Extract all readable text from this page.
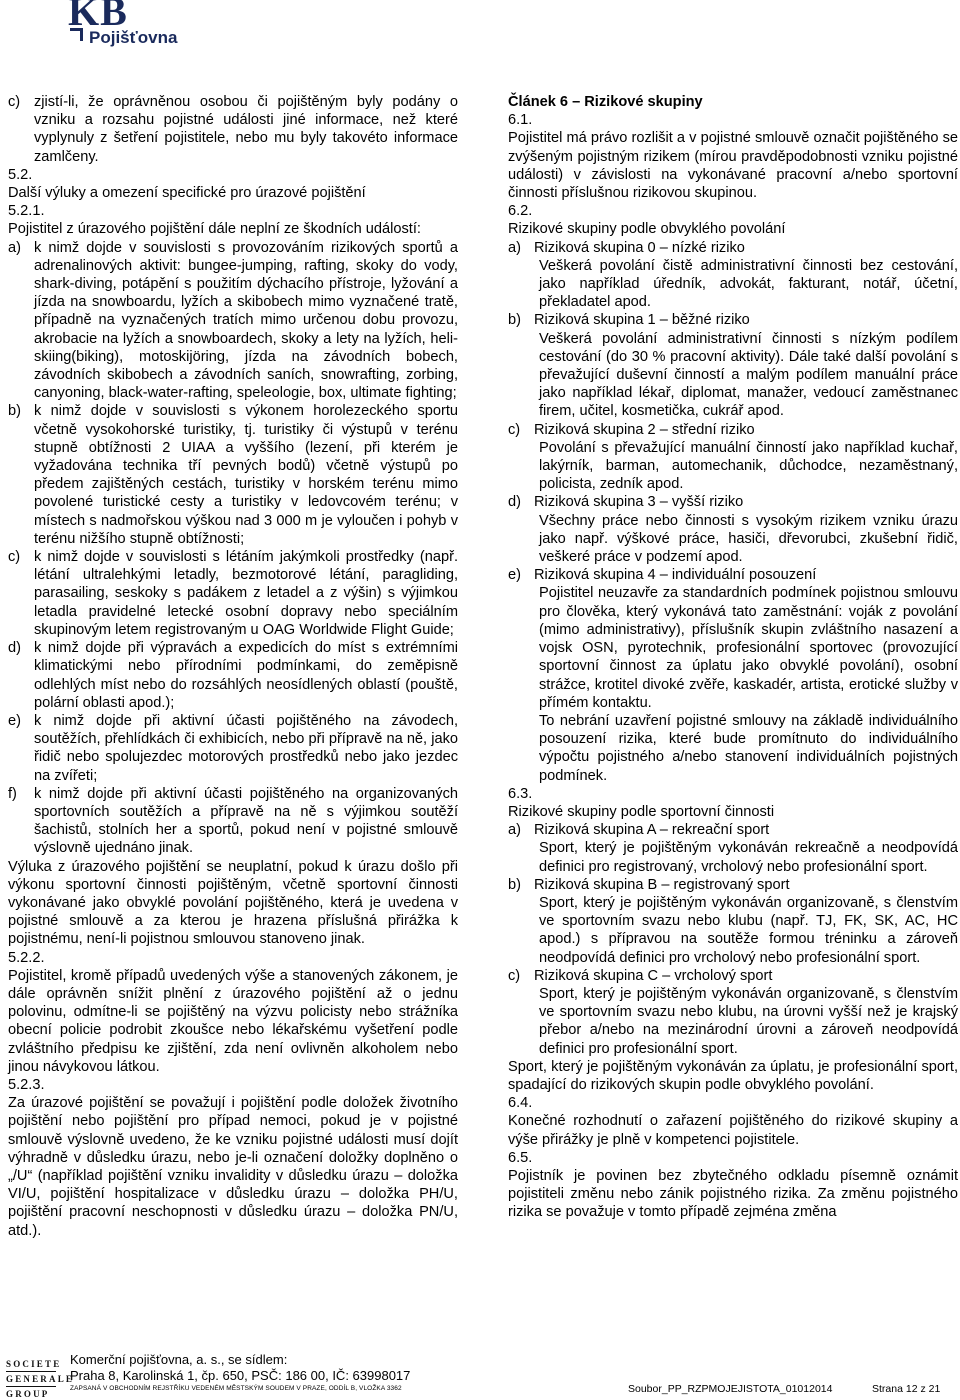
KB
Pojišťovna
c) zjistí-li, že oprávněnou osobou či pojištěným byly podány o vzniku a rozsahu pojistné události jiné informace, než které vyplynuly z šetření pojistitele, nebo mu byly takovéto informace zamlčeny.

5.2.

Další výluky a omezení specifické pro úrazové pojištění

5.2.1.

Pojistitel z úrazového pojištění dále neplní ze škodních událostí:

a) k nimž dojde v souvislosti s provozováním rizikových sportů a adrenalinových aktivit: bungee-jumping, rafting, skoky do vody, shark-diving, potápění s použitím dýchacího přístroje, lyžování a jízda na snowboardu, lyžích a skibobech mimo vyznačené tratě, případně na vyznačených tratích mimo určenou dobu provozu, akrobacie na lyžích a snowboardech, skoky a lety na lyžích, heli-skiing(biking), motoskijöring, jízda na závodních bobech, závodních skibobech a závodních saních, snowrafting, zorbing, canyoning, black-water-rafting, speleologie, box, ultimate fighting;
b) k nimž dojde v souvislosti s výkonem horolezeckého sportu včetně vysokohorské turistiky, tj. turistiky či výstupů v terénu stupně obtížnosti 2 UIAA a vyššího (lezení, při kterém je vyžadována technika tří pevných bodů) včetně výstupů po předem zajištěných cestách, turistiky v horském terénu mimo povolené turistické cesty a turistiky v ledovcovém terénu; v místech s nadmořskou výškou nad 3 000 m je vyloučen i pohyb v terénu nižšího stupně obtížnosti;
c) k nimž dojde v souvislosti s létáním jakýmkoli prostředky (např. létání ultralehkými letadly, bezmotorové létání, paragliding, parasailing, seskoky s padákem z letadel a z výšin) s výjimkou letadla pravidelné letecké osobní dopravy nebo speciálním skupinovým letem registrovaným u OAG Worldwide Flight Guide;
d) k nimž dojde při výpravách a expedicích do míst s extrémními klimatickými nebo přírodními podmínkami, do zeměpisně odlehlých míst nebo do rozsáhlých neosídlených oblastí (pouště, polární oblasti apod.);
e) k nimž dojde při aktivní účasti pojištěného na závodech, soutěžích, přehlídkách či exhibicích, nebo při přípravě na ně, jako řidič nebo spolujezdec motorových prostředků nebo jako jezdec na zvířeti;
f)	k nimž dojde při aktivní účasti pojištěného na organizovaných sportovních soutěžích a přípravě na ně s výjimkou soutěží šachistů, stolních her a sportů, pokud není v pojistné smlouvě výslovně ujednáno jinak.

Výluka z úrazového pojištění se neuplatní, pokud k úrazu došlo při výkonu sportovní činnosti pojištěným, včetně sportovní činnosti vykonávané jako obvyklé povolání pojištěného, která je uvedena v pojistné smlouvě a za kterou je hrazena příslušná přirážka k pojistnému, není-li pojistnou smlouvou stanoveno jinak.

5.2.2.

Pojistitel, kromě případů uvedených výše a stanovených zákonem, je dále oprávněn snížit plnění z úrazového pojištění až o jednu polovinu, odmítne-li se pojištěný na výzvu policisty nebo strážníka obecní policie podrobit zkoušce nebo lékařskému vyšetření podle zvláštního předpisu ke zjištění, zda není ovlivněn alkoholem nebo jinou návykovou látkou.

5.2.3.

Za úrazové pojištění se považují i pojištění podle doložek životního pojištění nebo pojištění pro případ nemoci, pokud je v pojistné smlouvě výslovně uvedeno, že ke vzniku pojistné události musí dojít výhradně v důsledku úrazu, nebo je-li označení doložky doplněno o „/U“ (například pojištění vzniku invalidity v důsledku úrazu – doložka VI/U, pojištění hospitalizace v důsledku úrazu – doložka PH/U, pojištění pracovní neschopnosti v důsledku úrazu – doložka PN/U, atd.).

Článek 6 – Rizikové skupiny

6.1.

Pojistitel má právo rozlišit a v pojistné smlouvě označit pojištěného se zvýšeným pojistným rizikem (mírou pravděpodobnosti vzniku pojistné události) v závislosti na vykonávané pracovní a/nebo sportovní činnosti příslušnou rizikovou skupinou.

6.2.

Rizikové skupiny podle obvyklého povolání

a) Riziková skupina 0 – nízké riziko

Veškerá povolání čistě administrativní činnosti bez cestování, jako například úředník, advokát, fakturant, notář, účetní, překladatel apod.

b) Riziková skupina 1 – běžné riziko

Veškerá povolání administrativní činnosti s nízkým podílem cestování (do 30 % pracovní aktivity). Dále také další povolání s převažující duševní činností a malým podílem manuální práce jako například lékař, diplomat, manažer, vedoucí zaměstnanec firem, učitel, kosmetička, cukrář apod.

c) Riziková skupina 2 – střední riziko

Povolání s převažující manuální činností jako například kuchař, lakýrník, barman, automechanik, důchodce, nezaměstnaný, policista, zedník apod.

d) Riziková skupina 3 – vyšší riziko

Všechny práce nebo činnosti s vysokým rizikem vzniku úrazu jako např. výškové práce, hasiči, dřevorubci, zkušební řidič, veškeré práce v podzemí apod.

e) Riziková skupina 4 – individuální posouzení

Pojistitel neuzavře za standardních podmínek pojistnou smlouvu pro člověka, který vykonává tato zaměstnání: voják z povolání (mimo administrativy), příslušník skupin zvláštního nasazení a vojsk OSN, pyrotechnik, profesionální sportovec (provozující sportovní činnost za úplatu jako obvyklé povolání), osobní strážce, krotitel divoké zvěře, kaskadér, artista, erotické služby v přímém kontaktu.

To nebrání uzavření pojistné smlouvy na základě individuálního posouzení rizika, které bude promítnuto do individuálního výpočtu pojistného a/nebo stanovení individuálních pojistných podmínek.

6.3.

Rizikové skupiny podle sportovní činnosti

a) Riziková skupina A – rekreační sport

Sport, který je pojištěným vykonáván rekreačně a neodpovídá definici pro registrovaný, vrcholový nebo profesionální sport.

b) Riziková skupina B – registrovaný sport

Sport, který je pojištěným vykonáván organizovaně, s členstvím ve sportovním svazu nebo klubu (např. TJ, FK, SK, AC, HC apod.) s přípravou na soutěže formou tréninku a zároveň neodpovídá definici pro vrcholový nebo profesionální sport.

c) Riziková skupina C – vrcholový sport

Sport, který je pojištěným vykonáván organizovaně, s členstvím ve sportovním svazu nebo klubu, na úrovni vyšší než je krajský přebor a/nebo na mezinárodní úrovni a zároveň neodpovídá definici pro profesionální sport.

Sport, který je pojištěným vykonáván za úplatu, je profesionální sport, spadající do rizikových skupin podle obvyklého povolání.

6.4.

Konečné rozhodnutí o zařazení pojištěného do rizikové skupiny a výše přirážky je plně v kompetenci pojistitele.

6.5.

Pojistník je povinen bez zbytečného odkladu písemně oznámit pojistiteli změnu nebo zánik pojistného rizika. Za změnu pojistného rizika se považuje v tomto případě zejména změna

SOCIETE
GENERALE
GROUP
Komerční pojišťovna, a. s., se sídlem:
Praha 8, Karolinská 1, čp. 650, PSČ: 186 00, IČ: 63998017
ZAPSANÁ V OBCHODNÍM REJSTŘÍKU VEDENÉM MĚSTSKÝM SOUDEM V PRAZE, ODDÍL B, VLOŽKA 3362	Soubor_PP_RZPMOJEJISTOTA_01012014	Strana 12 z 21
